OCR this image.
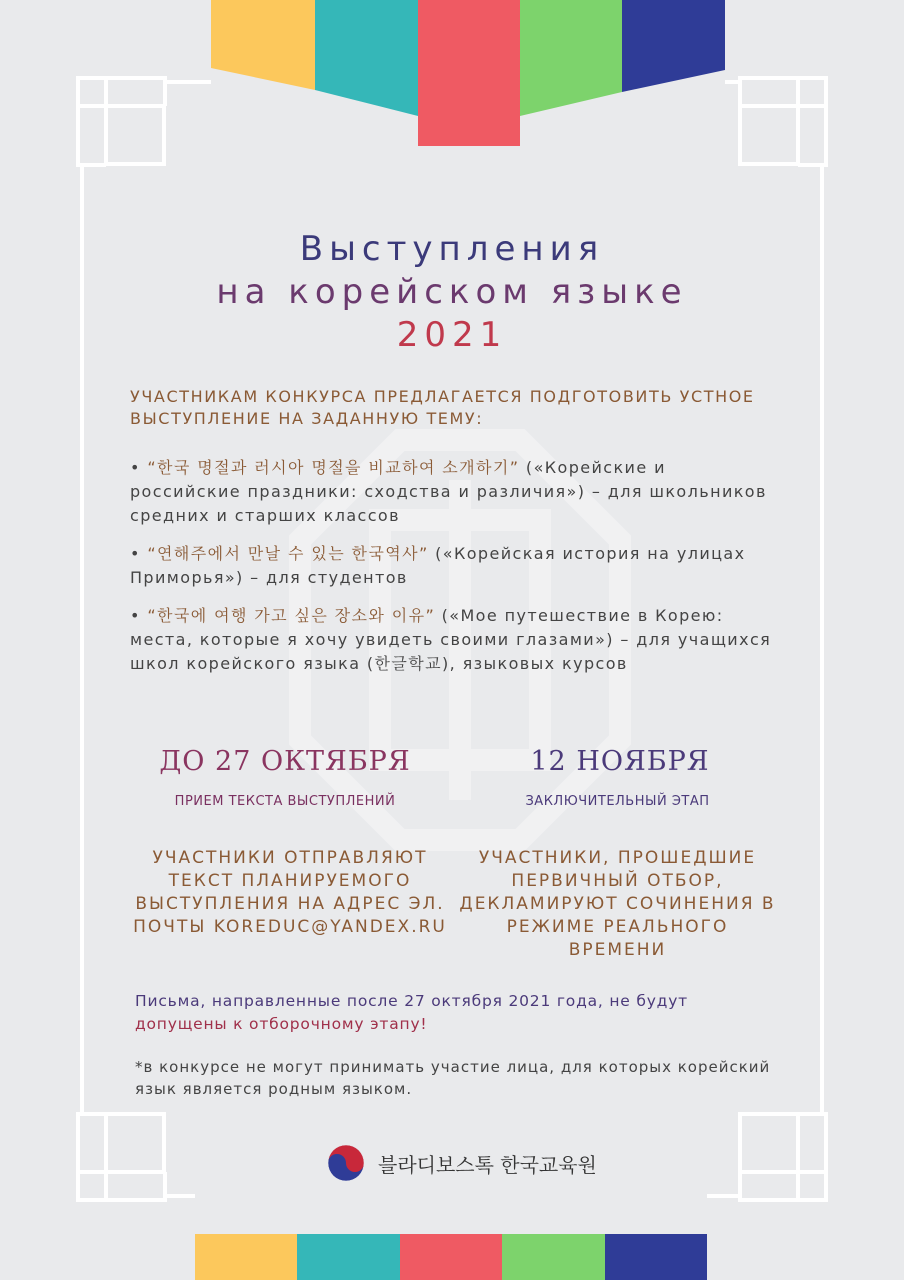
Выступления
на корейском языке
2021
УЧАСТНИКАМ КОНКУРСА ПРЕДЛАГАЕТСЯ ПОДГОТОВИТЬ УСТНОЕ ВЫСТУПЛЕНИЕ НА ЗАДАННУЮ ТЕМУ:

• “한국 명절과 러시아 명절을 비교하여 소개하기” («Корейские и российские праздники: сходства и различия») – для школьников средних и старших классов

• “연해주에서 만날 수 있는 한국역사” («Корейская история на улицах Приморья») – для студентов

• “한국에 여행 가고 싶은 장소와 이유” («Мое путешествие в Корею: места, которые я хочу увидеть своими глазами») – для учащихся школ корейского языка (한글학교), языковых курсов

ДО 27 ОКТЯБРЯ	12 НОЯБРЯ
ПРИЕМ ТЕКСТА ВЫСТУПЛЕНИЙ	ЗАКЛЮЧИТЕЛЬНЫЙ ЭТАП
УЧАСТНИКИ ОТПРАВЛЯЮТ ТЕКСТ ПЛАНИРУЕМОГО ВЫСТУПЛЕНИЯ НА АДРЕС ЭЛ. ПОЧТЫ KOREDUC@YANDEX.RU
УЧАСТНИКИ, ПРОШЕДШИЕ ПЕРВИЧНЫЙ ОТБОР, ДЕКЛАМИРУЮТ СОЧИНЕНИЯ В РЕЖИМЕ РЕАЛЬНОГО ВРЕМЕНИ
Письма, направленные после 27 октября 2021 года, не будут допущены к отборочному этапу!
*в конкурсе не могут принимать участие лица, для которых корейский язык является родным языком.
블라디보스톡 한국교육원
